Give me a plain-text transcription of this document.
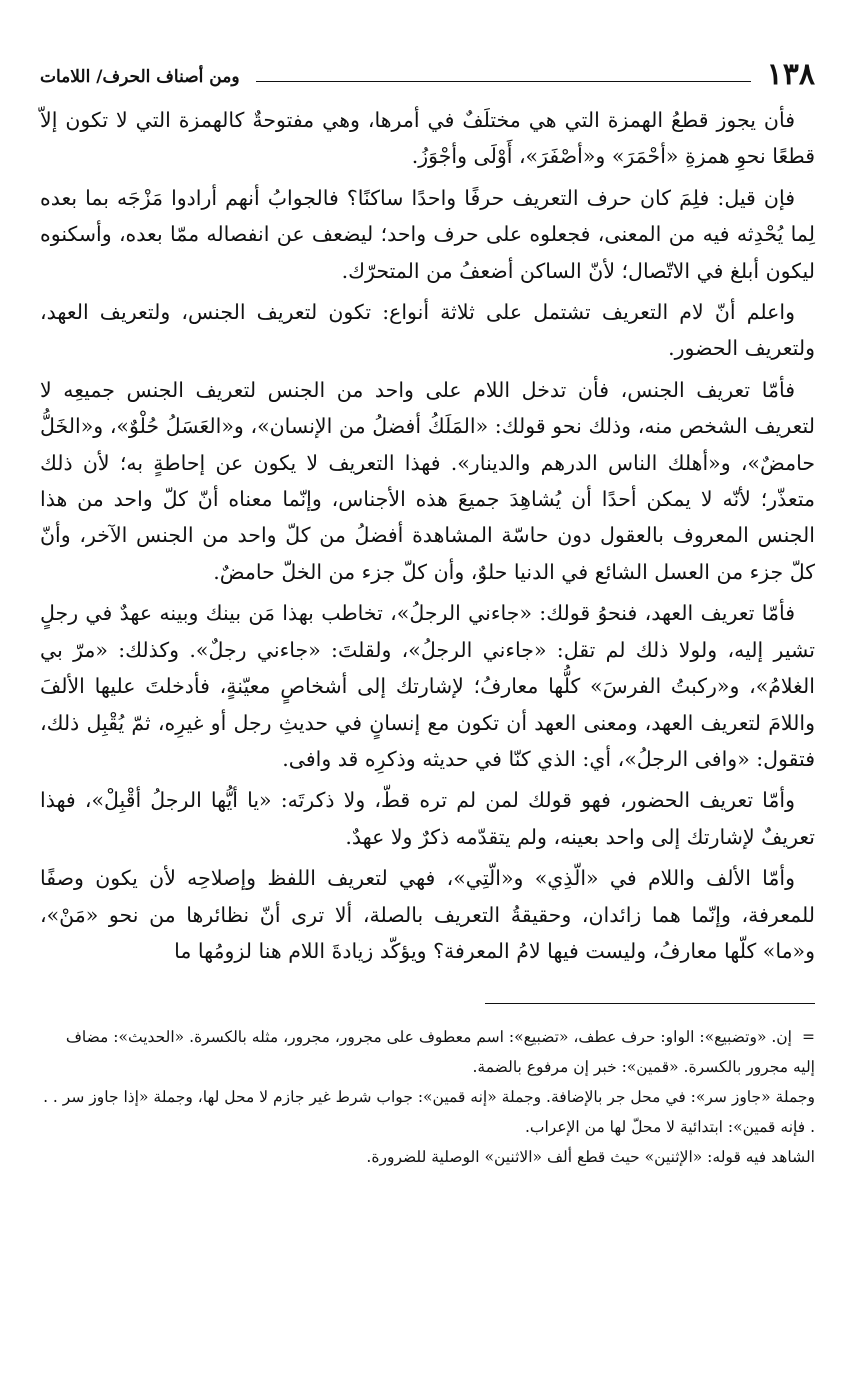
١٣٨
ومن أصناف الحرف/ اللامات

فأن يجوز قطعُ الهمزة التي هي مختلَفٌ في أمرها، وهي مفتوحةٌ كالهمزة التي لا تكون إلاّ قطعًا نحوِ همزةِ «أحْمَرَ» و«أصْفَرَ»، أَوْلَى وأجْوَزُ.

فإن قيل: فلِمَ كان حرف التعريف حرفًا واحدًا ساكنًا؟ فالجوابُ أنهم أرادوا مَزْجَه بما بعده لِما يُحْدِثه فيه من المعنى، فجعلوه على حرف واحد؛ ليضعف عن انفصاله ممّا بعده، وأسكنوه ليكون أبلغ في الاتّصال؛ لأنّ الساكن أضعفُ من المتحرّك.

واعلم أنّ لام التعريف تشتمل على ثلاثة أنواع: تكون لتعريف الجنس، ولتعريف العهد، ولتعريف الحضور.

فأمّا تعريف الجنس، فأن تدخل اللام على واحد من الجنس لتعريف الجنس جميعِه لا لتعريف الشخص منه، وذلك نحو قولك: «المَلَكُ أفضلُ من الإنسان»، و«العَسَلُ حُلْوٌ»، و«الخَلُّ حامضٌ»، و«أهلك الناس الدرهم والدينار». فهذا التعريف لا يكون عن إحاطةٍ به؛ لأن ذلك متعذّر؛ لأنّه لا يمكن أحدًا أن يُشاهِدَ جميعَ هذه الأجناس، وإنّما معناه أنّ كلّ واحد من هذا الجنس المعروف بالعقول دون حاسّة المشاهدة أفضلُ من كلّ واحد من الجنس الآخر، وأنّ كلّ جزء من العسل الشائع في الدنيا حلوٌ، وأن كلّ جزء من الخلّ حامضٌ.

فأمّا تعريف العهد، فنحوُ قولك: «جاءني الرجلُ»، تخاطب بهذا مَن بينك وبينه عهدٌ في رجلٍ تشير إليه، ولولا ذلك لم تقل: «جاءني الرجلُ»، ولقلتَ: «جاءني رجلٌ». وكذلك: «مرّ بي الغلامُ»، و«ركبتُ الفرسَ» كلُّها معارفُ؛ لإشارتك إلى أشخاصٍ معيّنةٍ، فأدخلتَ عليها الألفَ واللامَ لتعريف العهد، ومعنى العهد أن تكون مع إنسانٍ في حديثِ رجل أو غيرِه، ثمّ يُقْبِل ذلك، فتقول: «وافى الرجلُ»، أي: الذي كنّا في حديثه وذكرِه قد وافى.

وأمّا تعريف الحضور، فهو قولك لمن لم تره قطّ، ولا ذكرتَه: «يا أيُّها الرجلُ أقْبِلْ»، فهذا تعريفٌ لإشارتك إلى واحد بعينه، ولم يتقدّمه ذكرٌ ولا عهدٌ.

وأمّا الألف واللام في «الّذِي» و«الّتِي»، فهي لتعريف اللفظ وإصلاحِه لأن يكون وصفًا للمعرفة، وإنّما هما زائدان، وحقيقةُ التعريف بالصلة، ألا ترى أنّ نظائرها من نحو «مَنْ»، و«ما» كلّها معارفُ، وليست فيها لامُ المعرفة؟ ويؤكّد زيادةَ اللام هنا لزومُها ما

=إن. «وتضبيع»: الواو: حرف عطف، «تضبيع»: اسم معطوف على مجرور، مجرور، مثله بالكسرة. «الحديث»: مضاف إليه مجرور بالكسرة. «قمين»: خبر إن مرفوع بالضمة.

وجملة «جاوز سر»: في محل جر بالإضافة. وجملة «إنه قمين»: جواب شرط غير جازم لا محل لها، وجملة «إذا جاوز سر . . . فإنه قمين»: ابتدائية لا محلّ لها من الإعراب.

الشاهد فيه قوله: «الإثنين» حيث قطع ألف «الاثنين» الوصلية للضرورة.
